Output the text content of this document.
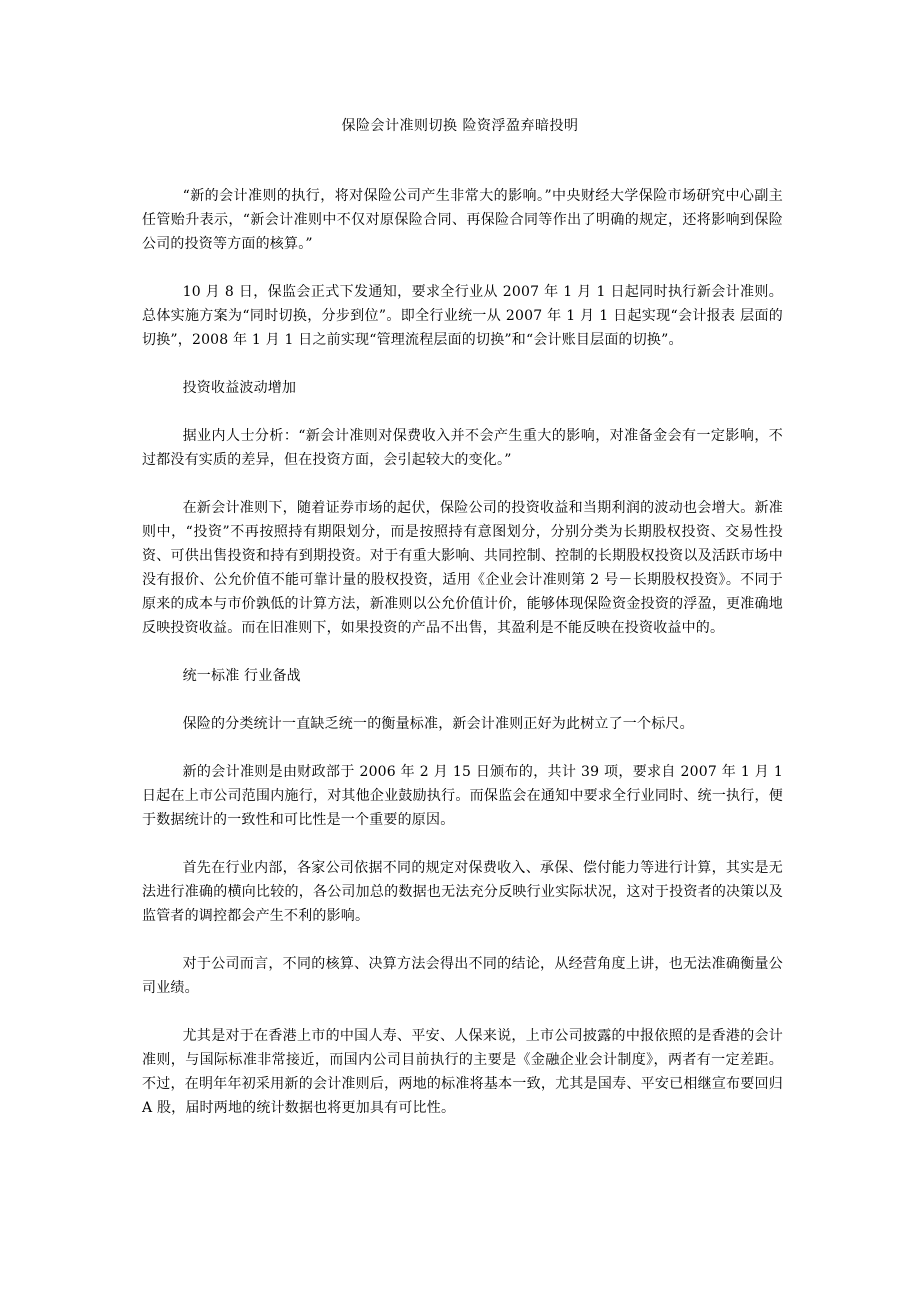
保险会计准则切换 险资浮盈弃暗投明

“新的会计准则的执行，将对保险公司产生非常大的影响。”中央财经大学保险市场研究中心副主任管贻升表示，“新会计准则中不仅对原保险合同、再保险合同等作出了明确的规定，还将影响到保险公司的投资等方面的核算。”

10 月 8 日，保监会正式下发通知，要求全行业从 2007 年 1 月 1 日起同时执行新会计准则。总体实施方案为“同时切换，分步到位”。即全行业统一从 2007 年 1 月 1 日起实现“会计报表 层面的切换”，2008 年 1 月 1 日之前实现“管理流程层面的切换”和“会计账目层面的切换”。

投资收益波动增加

据业内人士分析：“新会计准则对保费收入并不会产生重大的影响，对准备金会有一定影响，不过都没有实质的差异，但在投资方面，会引起较大的变化。”

在新会计准则下，随着证券市场的起伏，保险公司的投资收益和当期利润的波动也会增大。新准则中，“投资”不再按照持有期限划分，而是按照持有意图划分，分别分类为长期股权投资、交易性投资、可供出售投资和持有到期投资。对于有重大影响、共同控制、控制的长期股权投资以及活跃市场中没有报价、公允价值不能可靠计量的股权投资，适用《企业会计准则第 2 号－长期股权投资》。不同于原来的成本与市价孰低的计算方法，新准则以公允价值计价，能够体现保险资金投资的浮盈，更准确地反映投资收益。而在旧准则下，如果投资的产品不出售，其盈利是不能反映在投资收益中的。

统一标准 行业备战

保险的分类统计一直缺乏统一的衡量标准，新会计准则正好为此树立了一个标尺。

新的会计准则是由财政部于 2006 年 2 月 15 日颁布的，共计 39 项，要求自 2007 年 1 月 1 日起在上市公司范围内施行，对其他企业鼓励执行。而保监会在通知中要求全行业同时、统一执行，便于数据统计的一致性和可比性是一个重要的原因。

首先在行业内部，各家公司依据不同的规定对保费收入、承保、偿付能力等进行计算，其实是无法进行准确的横向比较的，各公司加总的数据也无法充分反映行业实际状况，这对于投资者的决策以及监管者的调控都会产生不利的影响。

对于公司而言，不同的核算、决算方法会得出不同的结论，从经营角度上讲，也无法准确衡量公司业绩。

尤其是对于在香港上市的中国人寿、平安、人保来说，上市公司披露的中报依照的是香港的会计准则，与国际标准非常接近，而国内公司目前执行的主要是《金融企业会计制度》，两者有一定差距。不过，在明年年初采用新的会计准则后，两地的标准将基本一致，尤其是国寿、平安已相继宣布要回归 A 股，届时两地的统计数据也将更加具有可比性。
